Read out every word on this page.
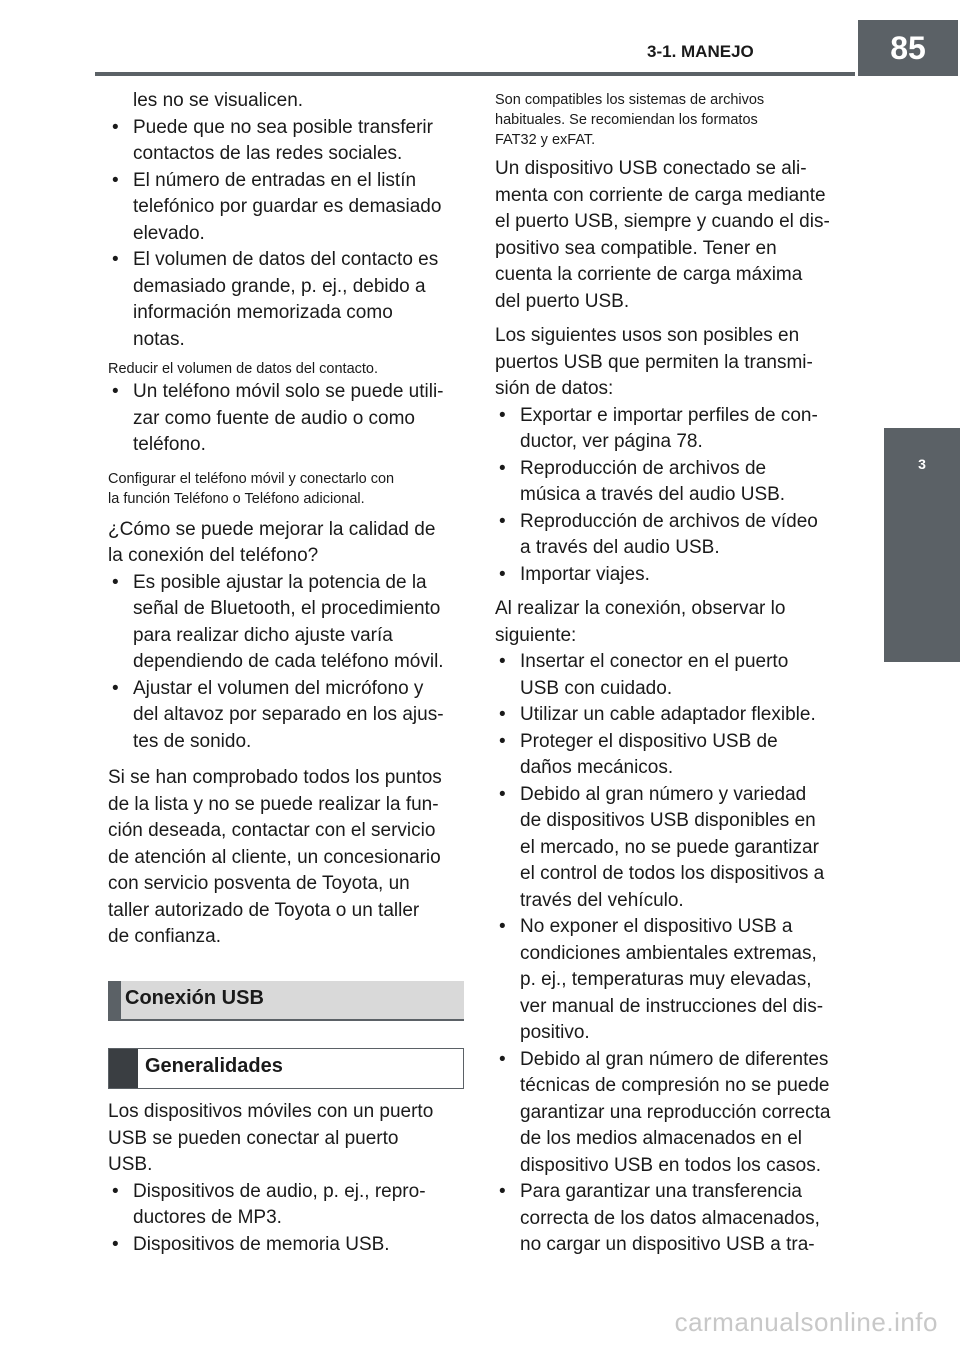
3-1. MANEJO	85
3
MANEJO

les no se visualicen.

• Puede que no sea posible transferir

contactos de las redes sociales.

• El número de entradas en el listín

telefónico por guardar es demasiado

elevado.

• El volumen de datos del contacto es

demasiado grande, p. ej., debido a

información memorizada como

notas.

Reducir el volumen de datos del contacto.

• Un teléfono móvil solo se puede utili-

zar como fuente de audio o como

teléfono.

Configurar el teléfono móvil y conectarlo con

la función Teléfono o Teléfono adicional.

¿Cómo se puede mejorar la calidad de

la conexión del teléfono?

• Es posible ajustar la potencia de la

señal de Bluetooth, el procedimiento

para realizar dicho ajuste varía

dependiendo de cada teléfono móvil.

• Ajustar el volumen del micrófono y

del altavoz por separado en los ajus-

tes de sonido.

Si se han comprobado todos los puntos

de la lista y no se puede realizar la fun-

ción deseada, contactar con el servicio

de atención al cliente, un concesionario

con servicio posventa de Toyota, un

taller autorizado de Toyota o un taller

de confianza.

Conexión USB
Generalidades

Los dispositivos móviles con un puerto

USB se pueden conectar al puerto

USB.

• Dispositivos de audio, p. ej., repro-

ductores de MP3.

• Dispositivos de memoria USB.

Son compatibles los sistemas de archivos

habituales. Se recomiendan los formatos

FAT32 y exFAT.

Un dispositivo USB conectado se ali-

menta con corriente de carga mediante

el puerto USB, siempre y cuando el dis-

positivo sea compatible. Tener en

cuenta la corriente de carga máxima

del puerto USB.

Los siguientes usos son posibles en

puertos USB que permiten la transmi-

sión de datos:

• Exportar e importar perfiles de con-

ductor, ver página 78.

• Reproducción de archivos de

música a través del audio USB.

• Reproducción de archivos de vídeo

a través del audio USB.

• Importar viajes.

Al realizar la conexión, observar lo

siguiente:

• Insertar el conector en el puerto

USB con cuidado.

• Utilizar un cable adaptador flexible.

• Proteger el dispositivo USB de

daños mecánicos.

• Debido al gran número y variedad

de dispositivos USB disponibles en

el mercado, no se puede garantizar

el control de todos los dispositivos a

través del vehículo.

• No exponer el dispositivo USB a

condiciones ambientales extremas,

p. ej., temperaturas muy elevadas,

ver manual de instrucciones del dis-

positivo.

• Debido al gran número de diferentes

técnicas de compresión no se puede

garantizar una reproducción correcta

de los medios almacenados en el

dispositivo USB en todos los casos.

• Para garantizar una transferencia

correcta de los datos almacenados,

no cargar un dispositivo USB a tra-

carmanualsonline.info
